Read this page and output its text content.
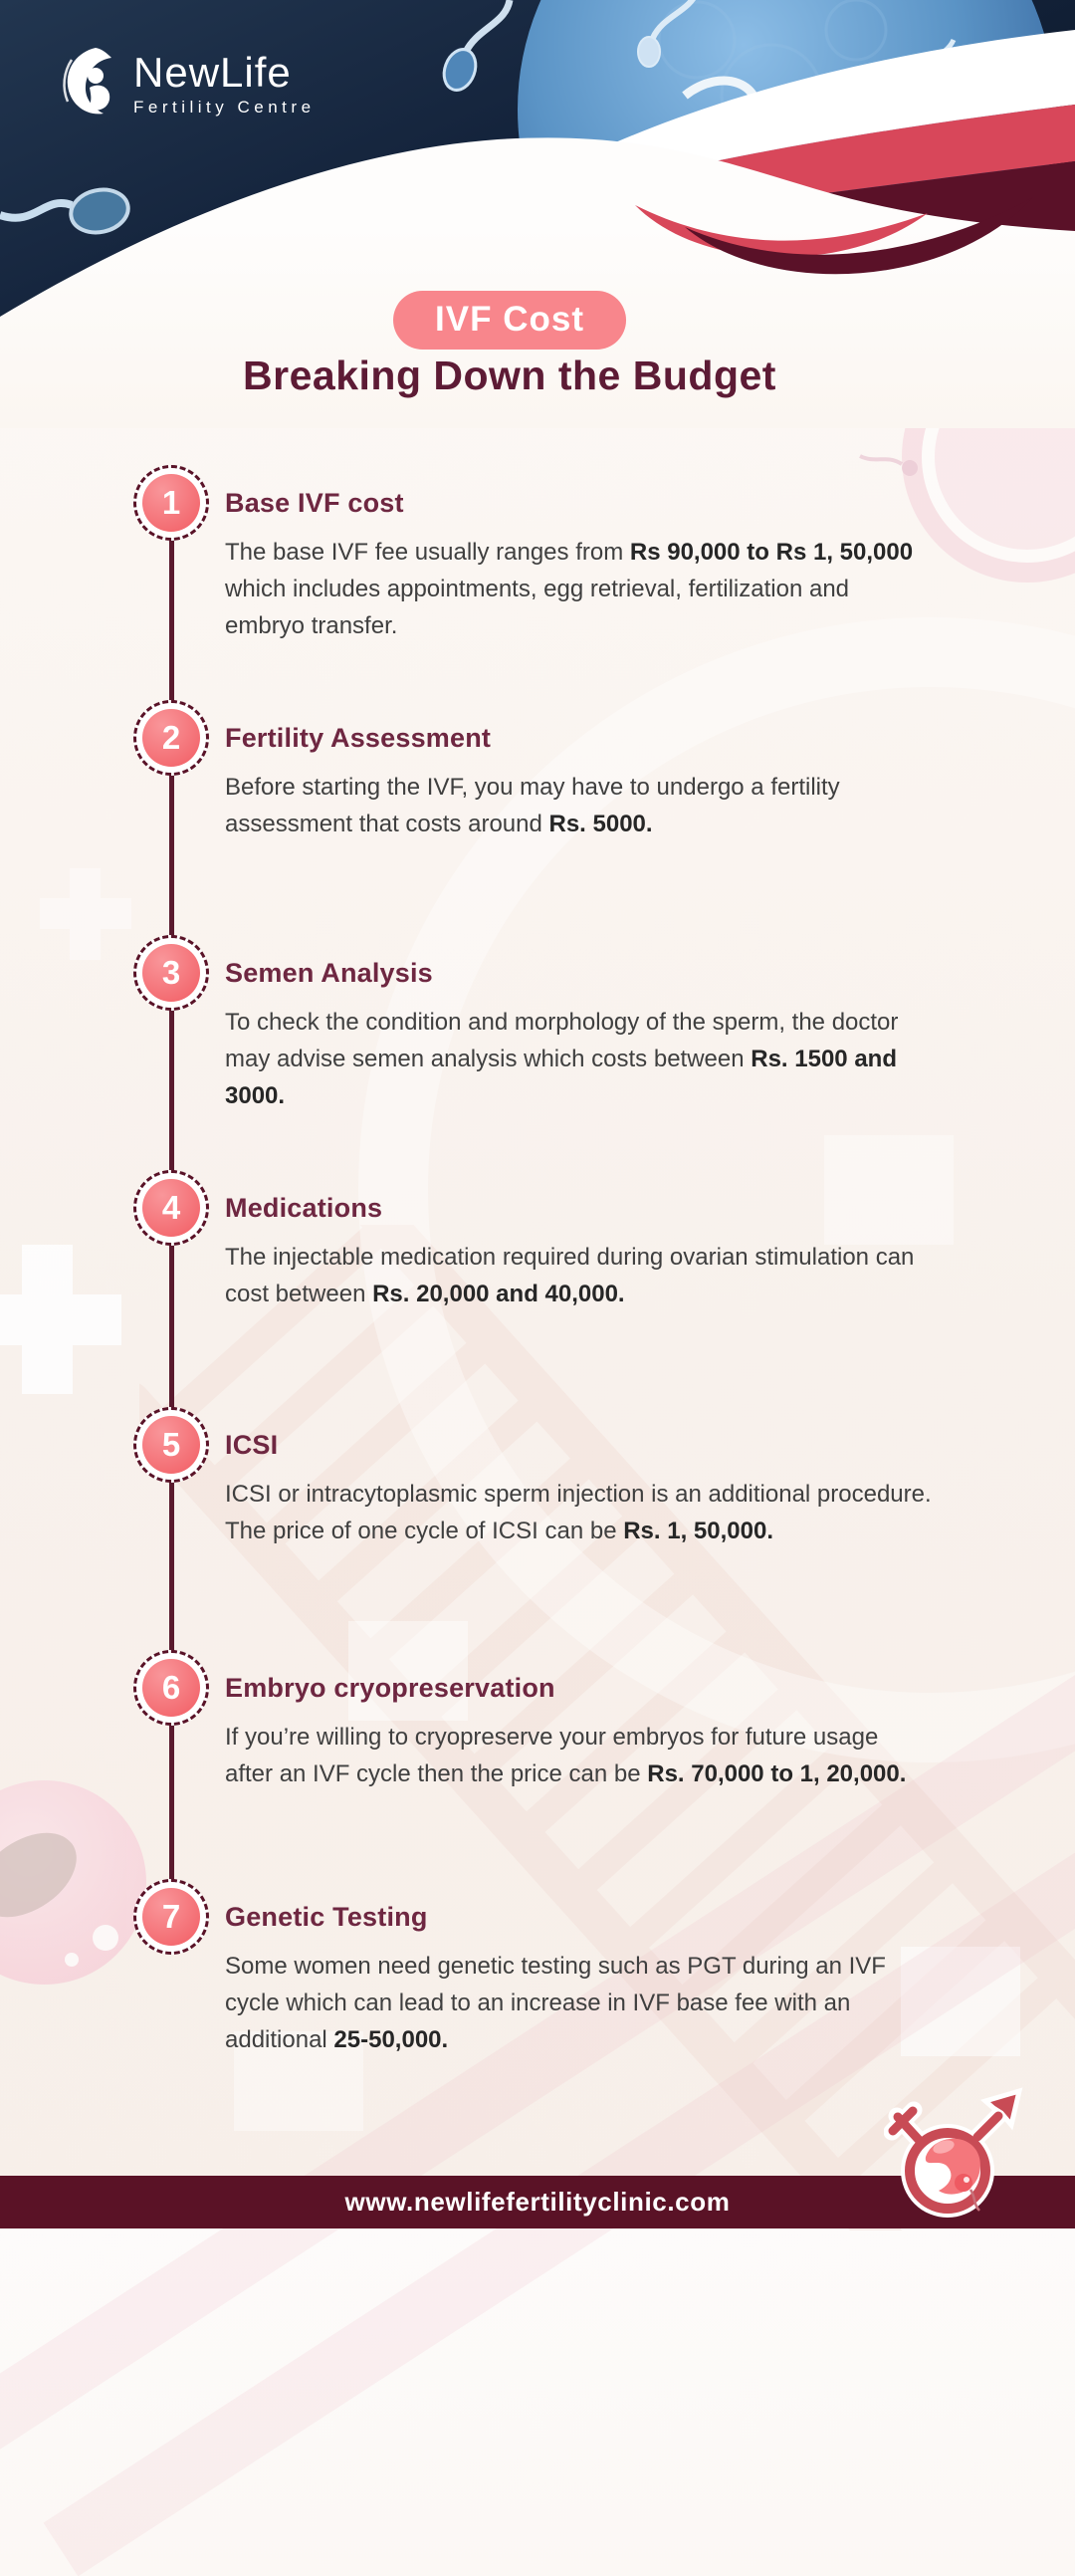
NewLife
Fertility Centre
IVF Cost
Breaking Down the Budget
1 Base IVF cost

The base IVF fee usually ranges from Rs 90,000 to Rs 1, 50,000 which includes appointments, egg retrieval, fertilization and embryo transfer.

2 Fertility Assessment

Before starting the IVF, you may have to undergo a fertility assessment that costs around Rs. 5000.

3 Semen Analysis

To check the condition and morphology of the sperm, the doctor may advise semen analysis which costs between Rs. 1500 and 3000.

4 Medications

The injectable medication required during ovarian stimulation can cost between Rs. 20,000 and 40,000.

5 ICSI

ICSI or intracytoplasmic sperm injection is an additional procedure. The price of one cycle of ICSI can be Rs. 1, 50,000.

6 Embryo cryopreservation

If you’re willing to cryopreserve your embryos for future usage after an IVF cycle then the price can be Rs. 70,000 to 1, 20,000.

7 Genetic Testing

Some women need genetic testing such as PGT during an IVF cycle which can lead to an increase in IVF base fee with an additional 25-50,000.

www.newlifefertilityclinic.com
